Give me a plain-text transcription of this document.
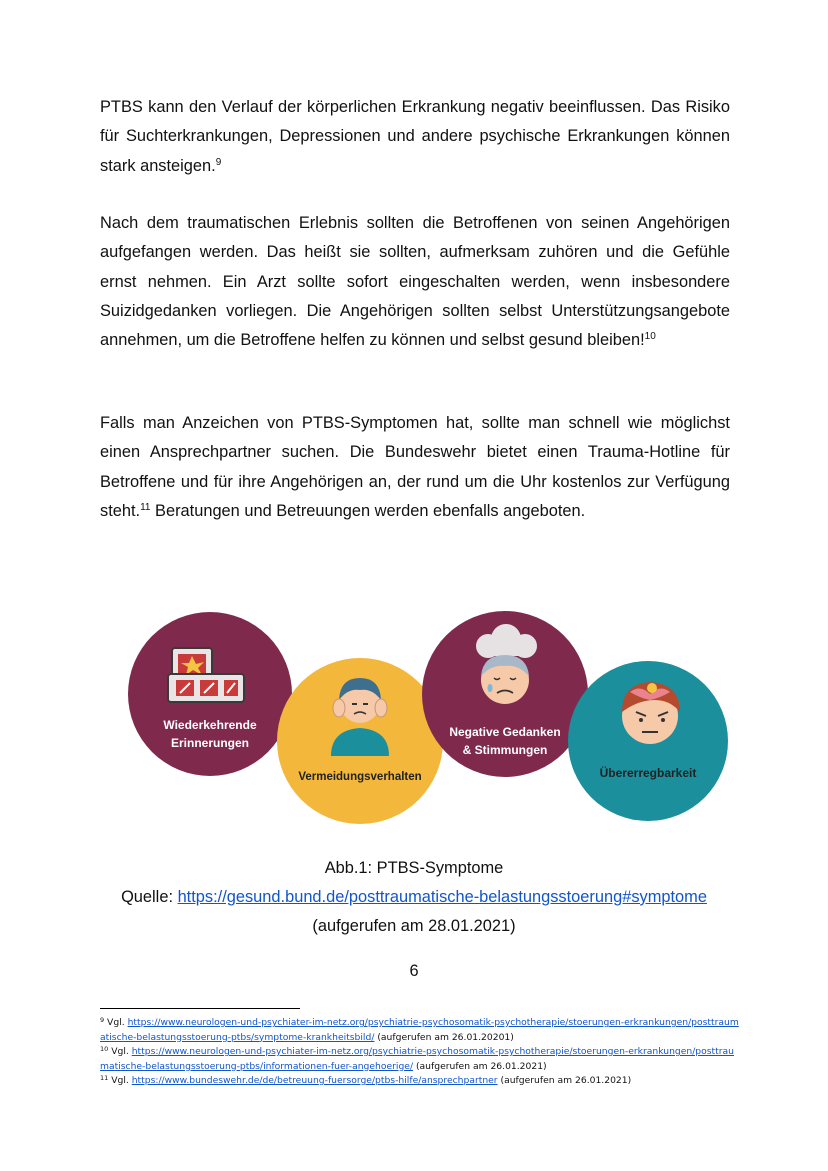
PTBS kann den Verlauf der körperlichen Erkrankung negativ beeinflussen. Das Risiko für Suchterkrankungen, Depressionen und andere psychische Erkrankungen können stark ansteigen.$^9$

Nach dem traumatischen Erlebnis sollten die Betroffenen von seinen Angehörigen aufgefangen werden. Das heißt sie sollten, aufmerksam zuhören und die Gefühle ernst nehmen. Ein Arzt sollte sofort eingeschalten werden, wenn insbesondere Suizidgedanken vorliegen. Die Angehörigen sollten selbst Unterstützungsangebote annehmen, um die Betroffene helfen zu können und selbst gesund bleiben!$^{10}$

Falls man Anzeichen von PTBS-Symptomen hat, sollte man schnell wie möglichst einen Ansprechpartner suchen. Die Bundeswehr bietet einen Trauma-Hotline für Betroffene und für ihre Angehörigen an, der rund um die Uhr kostenlos zur Verfügung steht.$^{11}$ Beratungen und Betreuungen werden ebenfalls angeboten.

Wiederkehrende
Erinnerungen
Vermeidungsverhalten
Negative Gedanken
& Stimmungen
Übererregbarkeit
Abb.1: PTBS-Symptome
Quelle: https://gesund.bund.de/posttraumatische-belastungsstoerung#symptome
(aufgerufen am 28.01.2021)
6

$^9$ Vgl. https://www.neurologen-und-psychiater-im-netz.org/psychiatrie-psychosomatik-psychotherapie/stoerungen-erkrankungen/posttraumatische-belastungsstoerung-ptbs/symptome-krankheitsbild/ (aufgerufen am 26.01.20201)

$^{10}$ Vgl. https://www.neurologen-und-psychiater-im-netz.org/psychiatrie-psychosomatik-psychotherapie/stoerungen-erkrankungen/posttraumatische-belastungsstoerung-ptbs/informationen-fuer-angehoerige/ (aufgerufen am 26.01.2021)

$^{11}$ Vgl. https://www.bundeswehr.de/de/betreuung-fuersorge/ptbs-hilfe/ansprechpartner (aufgerufen am 26.01.2021)
